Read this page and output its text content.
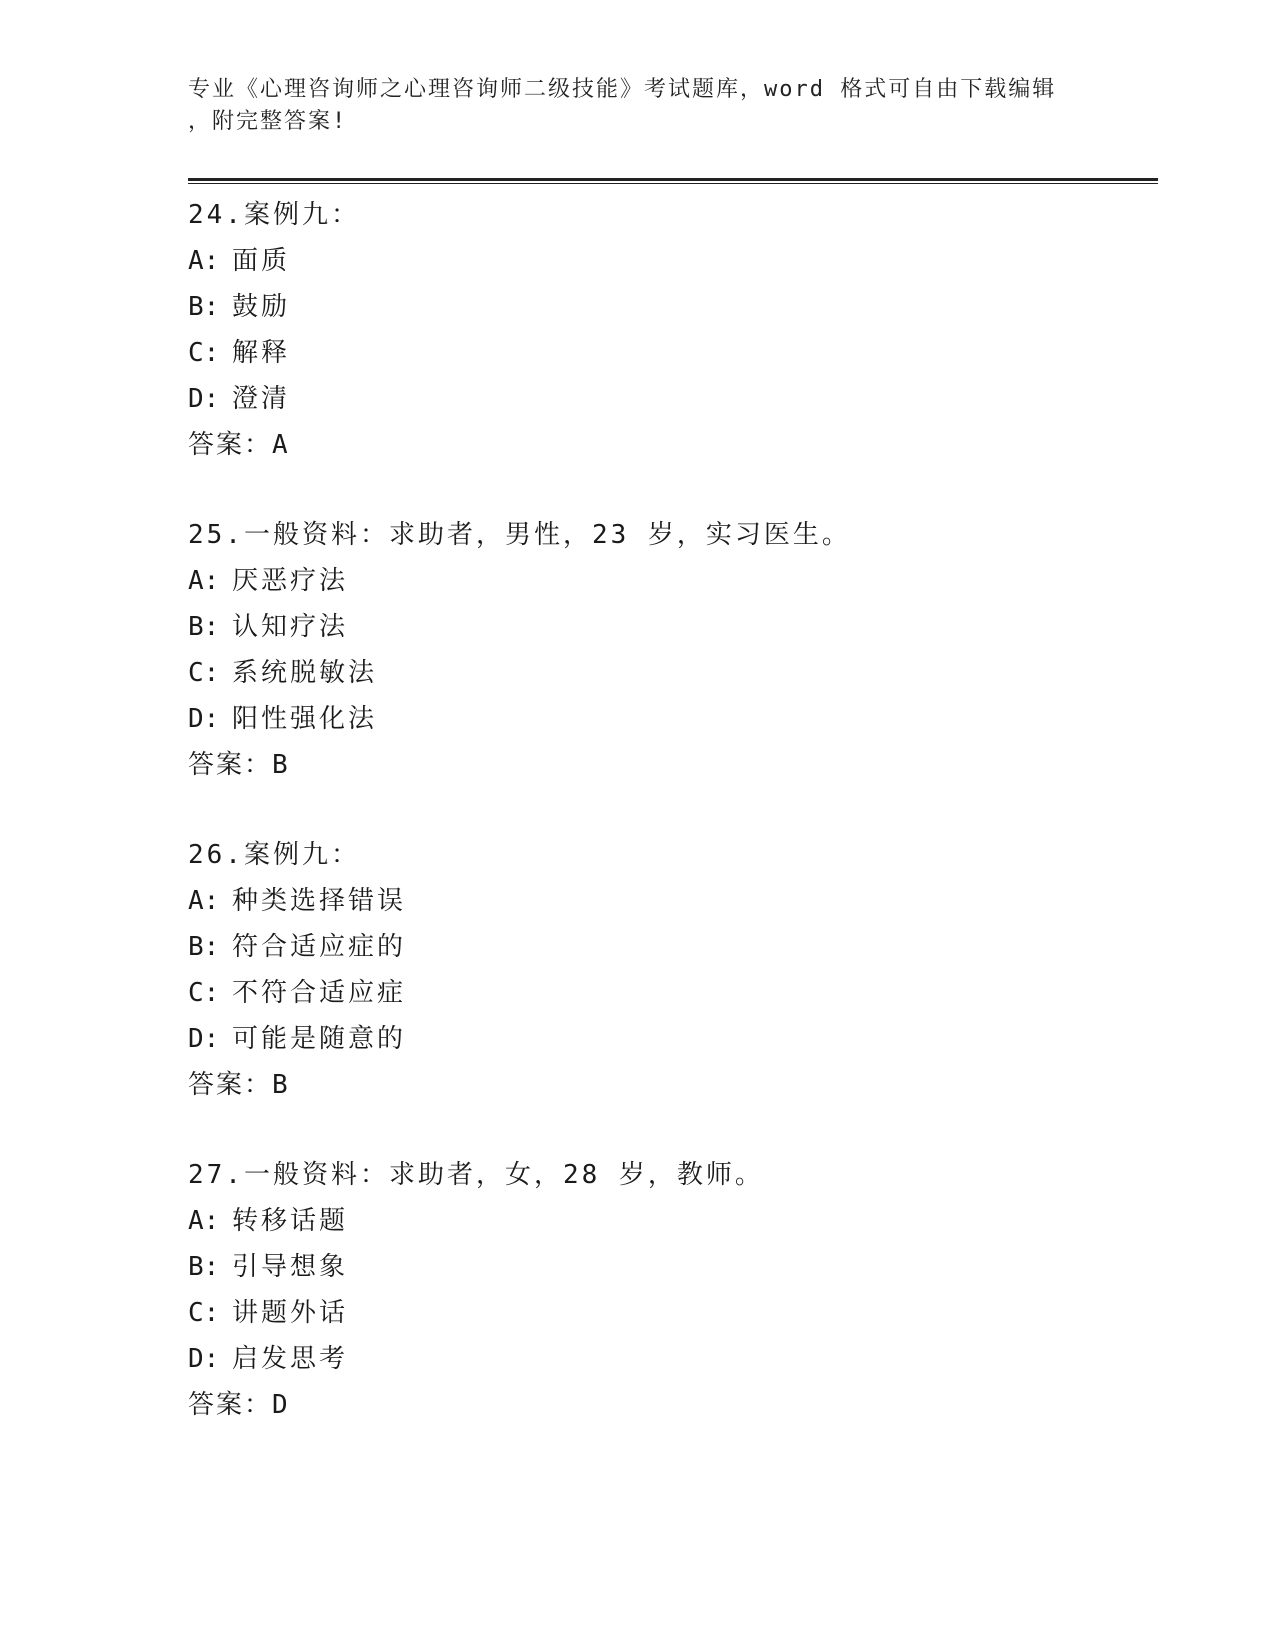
专业《心理咨询师之心理咨询师二级技能》考试题库，word 格式可自由下载编辑
，附完整答案!
24.案例九：
A: 面质
B: 鼓励
C: 解释
D: 澄清
答案：A
25.一般资料：求助者，男性，23 岁，实习医生。
A: 厌恶疗法
B: 认知疗法
C: 系统脱敏法
D: 阳性强化法
答案：B
26.案例九：
A: 种类选择错误
B: 符合适应症的
C: 不符合适应症
D: 可能是随意的
答案：B
27.一般资料：求助者，女，28 岁，教师。
A: 转移话题
B: 引导想象
C: 讲题外话
D: 启发思考
答案：D
